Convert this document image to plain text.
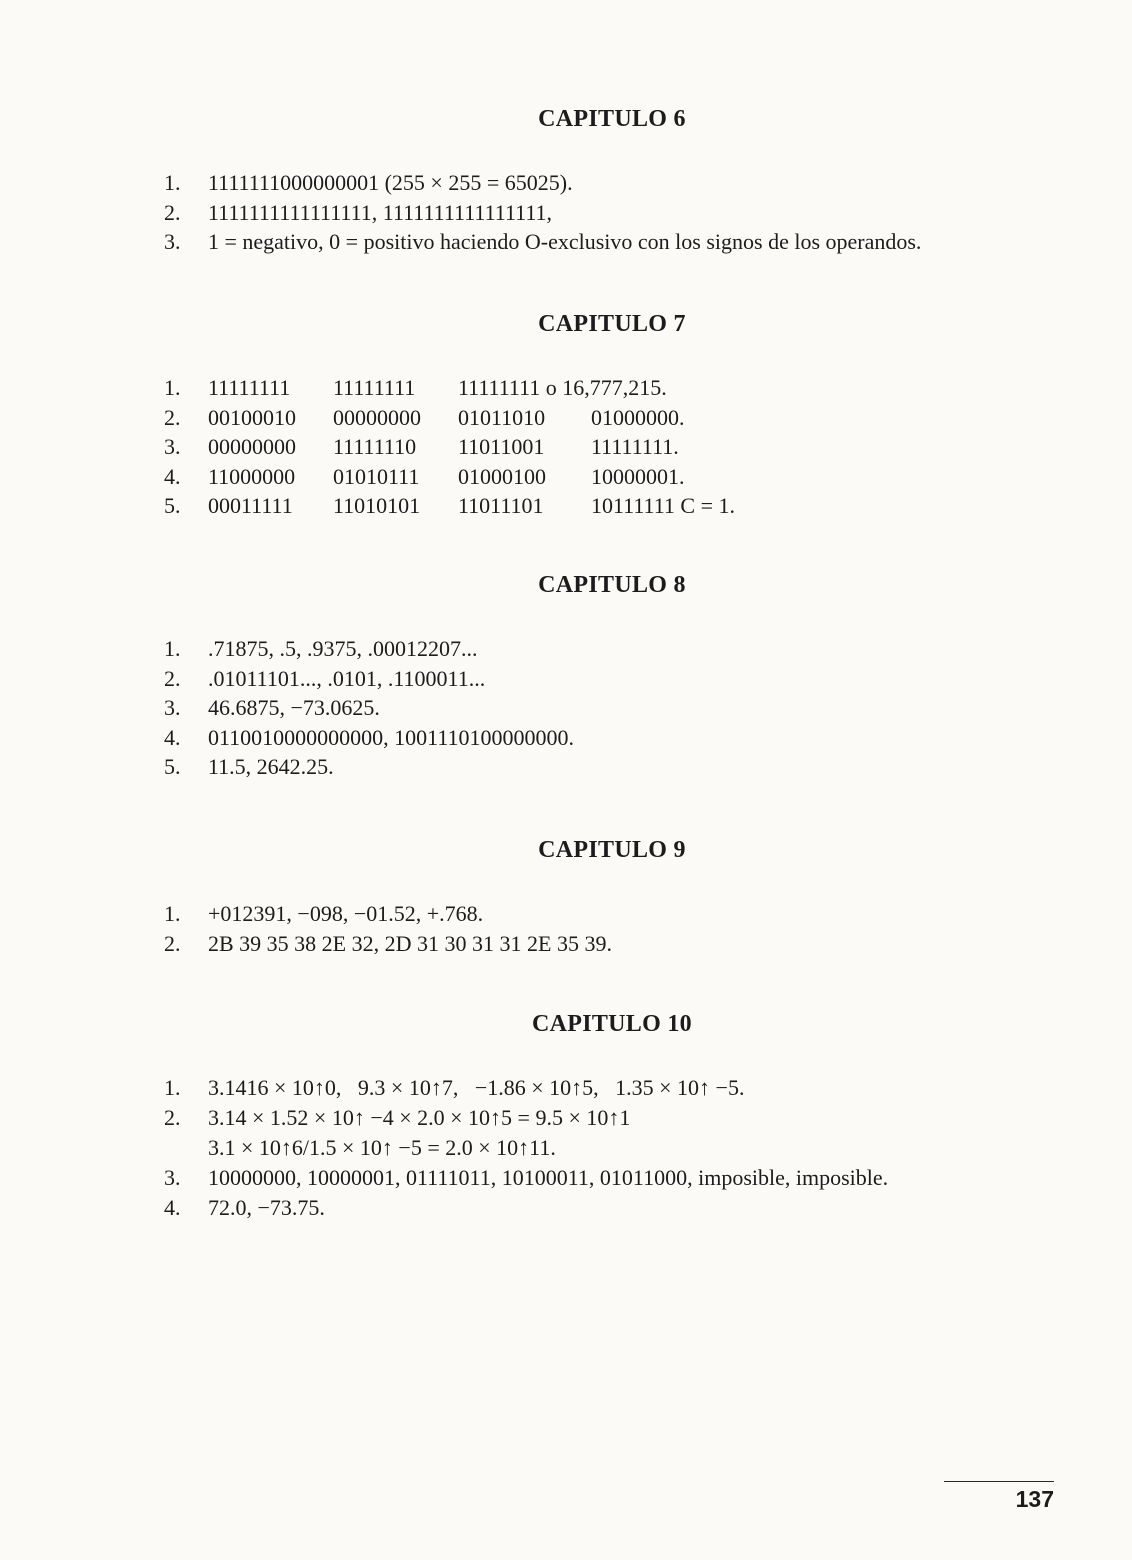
CAPITULO 6
1.	1111111000000001 (255 × 255 = 65025).
2.	1111111111111111, 1111111111111111,
3.	1 = negativo, 0 = positivo haciendo O-exclusivo con los signos de los operandos.
CAPITULO 7
1.	11111111	11111111	11111111 o 16,777,215.
2.	00100010	00000000	01011010	01000000.
3.	00000000	11111110	11011001	11111111.
4.	11000000	01010111	01000100	10000001.
5.	00011111	11010101	11011101	10111111 C = 1.
CAPITULO 8
1.	.71875, .5, .9375, .00012207...
2.	.01011101..., .0101, .1100011...
3.	46.6875, −73.0625.
4.	0110010000000000, 1001110100000000.
5.	11.5, 2642.25.
CAPITULO 9
1.	+012391, −098, −01.52, +.768.
2.	2B 39 35 38 2E 32, 2D 31 30 31 31 2E 35 39.
CAPITULO 10
1.	3.1416 × 10↑0,   9.3 × 10↑7,   −1.86 × 10↑5,   1.35 × 10↑ −5.
2.	3.14 × 1.52 × 10↑ −4 × 2.0 × 10↑5 = 9.5 × 10↑1
3.1 × 10↑6/1.5 × 10↑ −5 = 2.0 × 10↑11.
3.	10000000, 10000001, 01111011, 10100011, 01011000, imposible, imposible.
4.	72.0, −73.75.
137
